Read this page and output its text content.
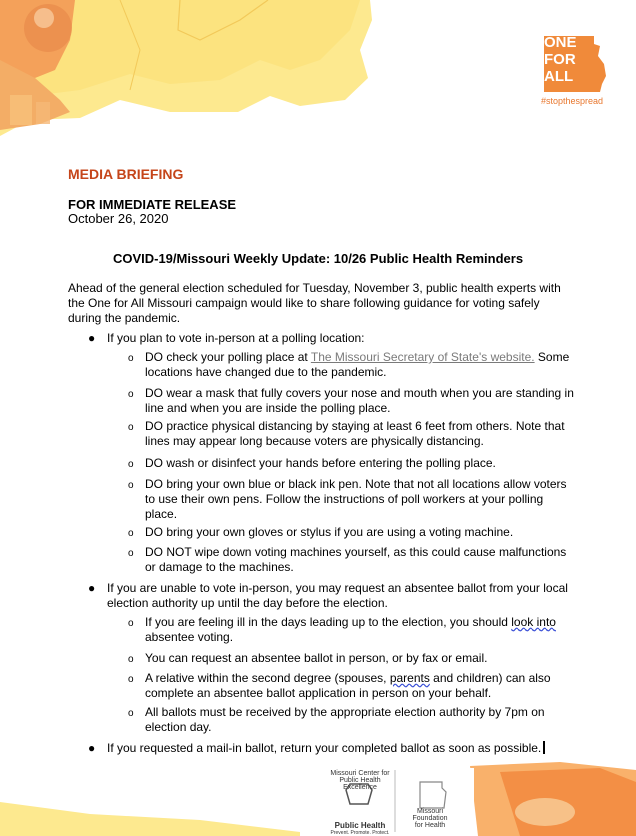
ONE
FOR
ALL
#stopthespread
MEDIA BRIEFING
FOR IMMEDIATE RELEASE
October 26, 2020
COVID-19/Missouri Weekly Update: 10/26 Public Health Reminders
Ahead of the general election scheduled for Tuesday, November 3, public health experts with the One for All Missouri campaign would like to share following guidance for voting safely during the pandemic.
● If you plan to vote in-person at a polling location:
o DO check your polling place at The Missouri Secretary of State's website. Some locations have changed due to the pandemic.
o DO wear a mask that fully covers your nose and mouth when you are standing in line and when you are inside the polling place.
o DO practice physical distancing by staying at least 6 feet from others. Note that lines may appear long because voters are physically distancing.
o DO wash or disinfect your hands before entering the polling place.
o DO bring your own blue or black ink pen. Note that not all locations allow voters to use their own pens. Follow the instructions of poll workers at your polling place.
o DO bring your own gloves or stylus if you are using a voting machine.
o DO NOT wipe down voting machines yourself, as this could cause malfunctions or damage to the machines.
● If you are unable to vote in-person, you may request an absentee ballot from your local election authority up until the day before the election.
o If you are feeling ill in the days leading up to the election, you should look into absentee voting.
o You can request an absentee ballot in person, or by fax or email.
o A relative within the second degree (spouses, parents and children) can also complete an absentee ballot application in person on your behalf.
o All ballots must be received by the appropriate election authority by 7pm on election day.
● If you requested a mail-in ballot, return your completed ballot as soon as possible.
Missouri Center for
Public Health Excellence
Public Health
Prevent. Promote. Protect.
Missouri
Foundation
for Health
